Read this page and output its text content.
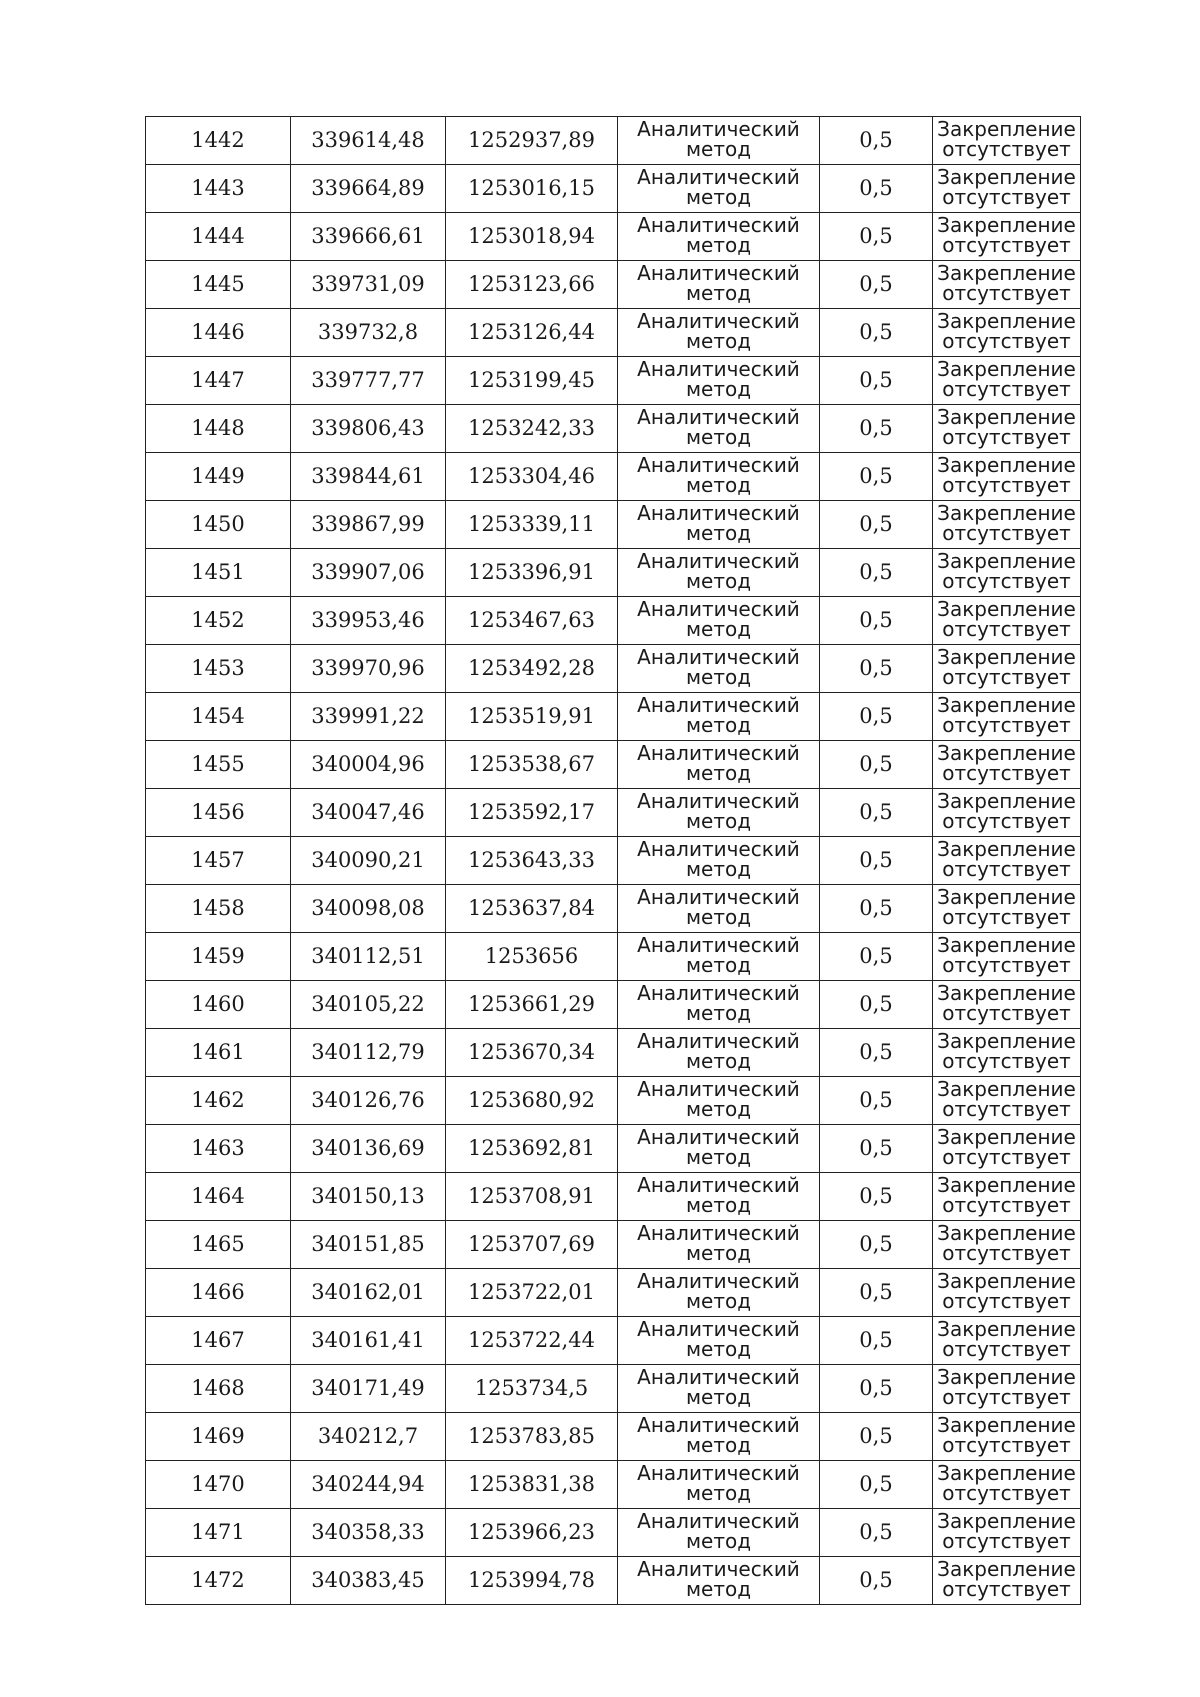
1442	339614,48	1252937,89	Аналитический
метод	0,5	Закрепление
отсутствует

1443	339664,89	1253016,15	Аналитический
метод	0,5	Закрепление
отсутствует

1444	339666,61	1253018,94	Аналитический
метод	0,5	Закрепление
отсутствует

1445	339731,09	1253123,66	Аналитический
метод	0,5	Закрепление
отсутствует

1446	339732,8	1253126,44	Аналитический
метод	0,5	Закрепление
отсутствует

1447	339777,77	1253199,45	Аналитический
метод	0,5	Закрепление
отсутствует

1448	339806,43	1253242,33	Аналитический
метод	0,5	Закрепление
отсутствует

1449	339844,61	1253304,46	Аналитический
метод	0,5	Закрепление
отсутствует

1450	339867,99	1253339,11	Аналитический
метод	0,5	Закрепление
отсутствует

1451	339907,06	1253396,91	Аналитический
метод	0,5	Закрепление
отсутствует

1452	339953,46	1253467,63	Аналитический
метод	0,5	Закрепление
отсутствует

1453	339970,96	1253492,28	Аналитический
метод	0,5	Закрепление
отсутствует

1454	339991,22	1253519,91	Аналитический
метод	0,5	Закрепление
отсутствует

1455	340004,96	1253538,67	Аналитический
метод	0,5	Закрепление
отсутствует

1456	340047,46	1253592,17	Аналитический
метод	0,5	Закрепление
отсутствует

1457	340090,21	1253643,33	Аналитический
метод	0,5	Закрепление
отсутствует

1458	340098,08	1253637,84	Аналитический
метод	0,5	Закрепление
отсутствует

1459	340112,51	1253656	Аналитический
метод	0,5	Закрепление
отсутствует

1460	340105,22	1253661,29	Аналитический
метод	0,5	Закрепление
отсутствует

1461	340112,79	1253670,34	Аналитический
метод	0,5	Закрепление
отсутствует

1462	340126,76	1253680,92	Аналитический
метод	0,5	Закрепление
отсутствует

1463	340136,69	1253692,81	Аналитический
метод	0,5	Закрепление
отсутствует

1464	340150,13	1253708,91	Аналитический
метод	0,5	Закрепление
отсутствует

1465	340151,85	1253707,69	Аналитический
метод	0,5	Закрепление
отсутствует

1466	340162,01	1253722,01	Аналитический
метод	0,5	Закрепление
отсутствует

1467	340161,41	1253722,44	Аналитический
метод	0,5	Закрепление
отсутствует

1468	340171,49	1253734,5	Аналитический
метод	0,5	Закрепление
отсутствует

1469	340212,7	1253783,85	Аналитический
метод	0,5	Закрепление
отсутствует

1470	340244,94	1253831,38	Аналитический
метод	0,5	Закрепление
отсутствует

1471	340358,33	1253966,23	Аналитический
метод	0,5	Закрепление
отсутствует

1472	340383,45	1253994,78	Аналитический
метод	0,5	Закрепление
отсутствует
